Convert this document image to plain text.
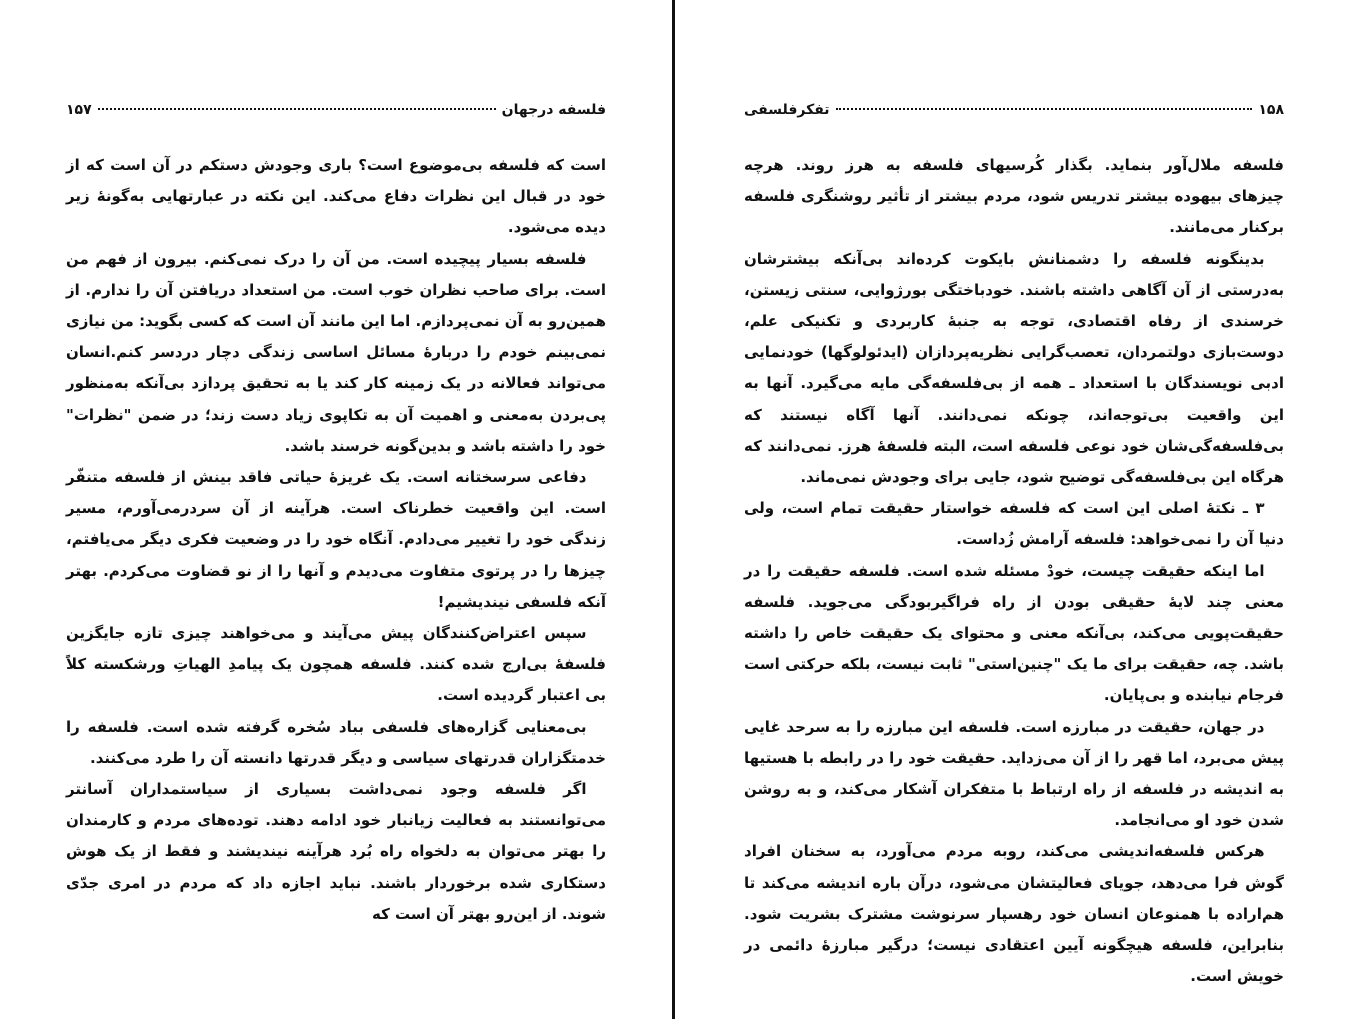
فلسفه درجهان
۱۵۷

است که فلسفه بی‌موضوع است؟ باری وجودش دستکم در آن است که از خود در قبال این نظرات دفاع می‌کند. این نکته در عبارتهایی به‌گونهٔ زیر دیده می‌شود.

فلسفه بسیار پیچیده است. من آن را درک نمی‌کنم. بیرون از فهم من است. برای صاحب نظران خوب است. من استعداد دریافتن آن را ندارم. از همین‌رو به آن نمی‌پردازم. اما این مانند آن است که کسی بگوید: من نیازی نمی‌بینم خودم را دربارهٔ مسائل اساسی زندگی دچار دردسر کنم.انسان می‌تواند فعالانه در یک زمینه کار کند یا به تحقیق پردازد بی‌آنکه به‌منظور پی‌بردن به‌معنی و اهمیت آن به تکاپوی زیاد دست زند؛ در ضمن "نظرات" خود را داشته باشد و بدین‌گونه خرسند باشد.

دفاعی سرسختانه است. یک غریزهٔ حیاتی فاقد بینش از فلسفه متنفّر است. این واقعیت خطرناک است. هرآینه از آن سردرمی‌آورم، مسیر زندگی خود را تغییر می‌دادم. آنگاه خود را در وضعیت فکری دیگر می‌یافتم، چیزها را در پرتوی متفاوت می‌دیدم و آنها را از نو قضاوت می‌کردم. بهتر آنکه فلسفی نیندیشیم!

سپس اعتراض‌کنندگان پیش می‌آیند و می‌خواهند چیزی تازه جایگزین فلسفهٔ بی‌ارج شده کنند. فلسفه همچون یک پیامدِ الهیاتِ ورشکسته کلاً بی اعتبار گردیده است.

بی‌معنایی گزاره‌های فلسفی بباد سُخره گرفته شده است. فلسفه را خدمتگزاران قدرتهای سیاسی و دیگر قدرتها دانسته آن را طرد می‌کنند.

اگر فلسفه وجود نمی‌داشت بسیاری از سیاستمداران آسانتر می‌توانستند به فعالیت زیانبار خود ادامه دهند. توده‌های مردم و کارمندان را بهتر می‌توان به دلخواه راه بُرد هرآینه نیندیشند و فقط از یک هوش دستکاری شده برخوردار باشند. نباید اجازه داد که مردم در امری جدّی شوند. از این‌رو بهتر آن است که

۱۵۸
تفکرفلسفی

فلسفه ملال‌آور بنماید. بگذار کُرسیهای فلسفه به هرز روند. هرچه چیزهای بیهوده بیشتر تدریس شود، مردم بیشتر از تأثیر روشنگری فلسفه برکنار می‌مانند.

بدینگونه فلسفه را دشمنانش بایکوت کرده‌اند بی‌آنکه بیشترشان به‌درستی از آن آگاهی داشته باشند. خودباختگی بورژوایی، سنتی زیستن، خرسندی از رفاه اقتصادی، توجه به جنبهٔ کاربردی و تکنیکی علم، دوست‌بازی دولتمردان، تعصب‌گرایی نظریه‌پردازان (ایدئولوگها) خودنمایی ادبی نویسندگان با استعداد ـ همه از بی‌فلسفه‌گی مایه می‌گیرد. آنها به این واقعیت بی‌توجه‌اند، چونکه نمی‌دانند. آنها آگاه نیستند که بی‌فلسفه‌گی‌شان خود نوعی فلسفه است، البته فلسفهٔ هرز. نمی‌دانند که هرگاه این بی‌فلسفه‌گی توضیح شود، جایی برای وجودش نمی‌ماند.

۳ ـ نکتهٔ اصلی این است که فلسفه خواستار حقیقت تمام است، ولی دنیا آن را نمی‌خواهد: فلسفه آرامش زُداست.

اما اینکه حقیقت چیست، خودْ مسئله شده است. فلسفه حقیقت را در معنی چند لایهٔ حقیقی بودن از راه فراگیربودگی می‌جوید. فلسفه حقیقت‌پویی می‌کند، بی‌آنکه معنی و محتوای یک حقیقت خاص را داشته باشد. چه، حقیقت برای ما یک "چنین‌استی" ثابت نیست، بلکه حرکتی است فرجام نیابنده و بی‌پایان.

در جهان، حقیقت در مبارزه است. فلسفه این مبارزه را به سرحد غایی پیش می‌برد، اما قهر را از آن می‌زداید. حقیقت خود را در رابطه با هستیها به اندیشه در فلسفه از راه ارتباط با متفکران آشکار می‌کند، و به روشن شدن خود او می‌انجامد.

هرکس فلسفه‌اندیشی می‌کند، روبه مردم می‌آورد، به سخنان افراد گوش فرا می‌دهد، جویای فعالیتشان می‌شود، درآن باره اندیشه می‌کند تا هم‌اراده با همنوعان انسان خود رهسپار سرنوشت مشترک بشریت شود. بنابراین، فلسفه هیچگونه آیین اعتقادی نیست؛ درگیر مبارزهٔ دائمی در خویش است.
